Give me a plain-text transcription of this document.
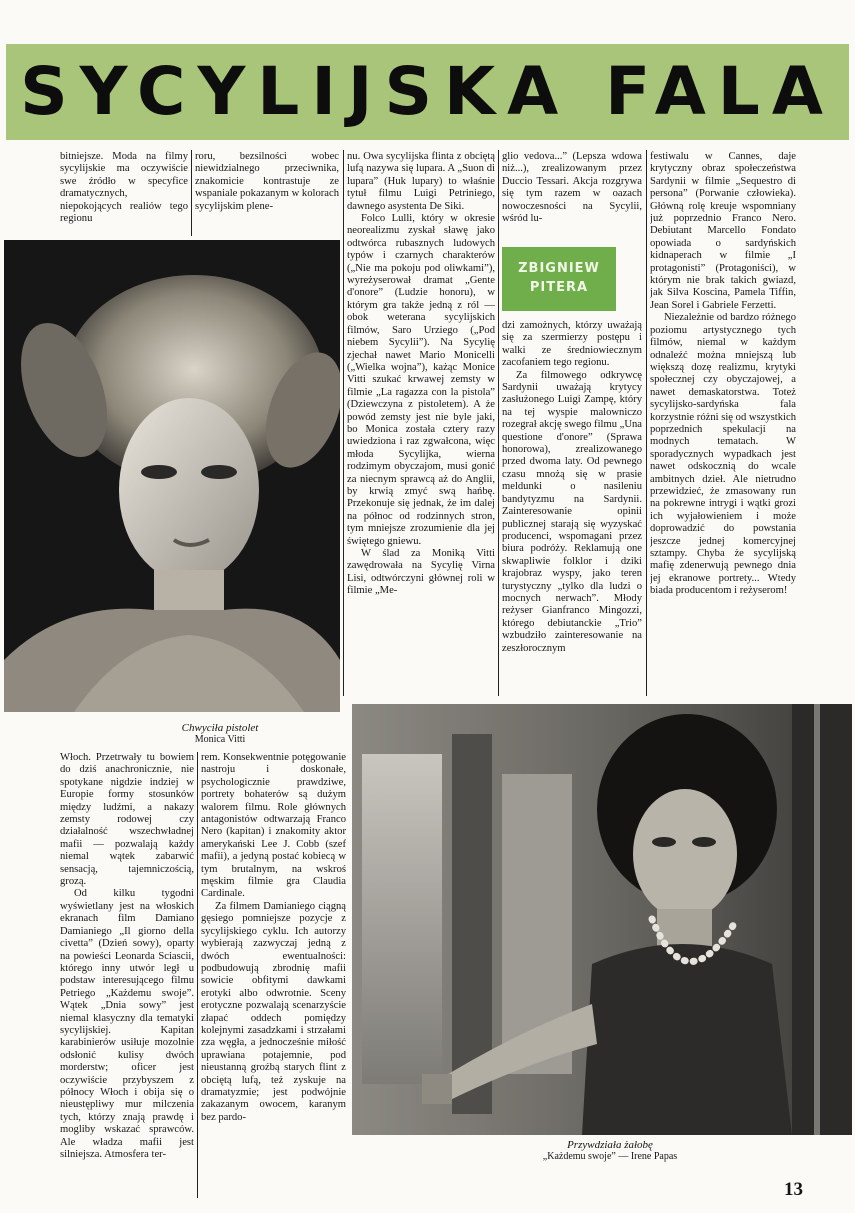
SYCYLIJSKA FALA

bitniejsze. Moda na filmy sycylijskie ma oczywiście swe źródło w specyfice dramatycznych, niepokojących realiów tego regionu

roru, bezsilności wobec niewidzialnego przeciwnika, znakomicie kontrastuje ze wspaniale pokazanym w kolorach sycylijskim plene-

Chwyciła pistolet
Monica Vitti

nu. Owa sycylijska flinta z obciętą lufą nazywa się lupara. A „Suon di lupara” (Huk lupary) to właśnie tytuł filmu Luigi Petriniego, dawnego asystenta De Siki.

Folco Lulli, który w okresie neorealizmu zyskał sławę jako odtwórca rubasznych ludowych typów i czarnych charakterów („Nie ma pokoju pod oliwkami”), wyreżyserował dramat „Gente d'onore” (Ludzie honoru), w którym gra także jedną z ról — obok weterana sycylijskich filmów, Saro Urziego („Pod niebem Sycylii”). Na Sycylię zjechał nawet Mario Monicelli („Wielka wojna”), każąc Monice Vitti szukać krwawej zemsty w filmie „La ragazza con la pistola” (Dziewczyna z pistoletem). A że powód zemsty jest nie byle jaki, bo Monica została cztery razy uwiedziona i raz zgwałcona, więc młoda Sycylijka, wierna rodzimym obyczajom, musi gonić za niecnym sprawcą aż do Anglii, by krwią zmyć swą hańbę. Przekonuje się jednak, że im dalej na północ od rodzinnych stron, tym mniejsze zrozumienie dla jej świętego gniewu.

W ślad za Moniką Vitti zawędrowała na Sycylię Virna Lisi, odtwórczyni głównej roli w filmie „Me-

glio vedova...” (Lepsza wdowa niż...), zrealizowanym przez Duccio Tessari. Akcja rozgrywa się tym razem w oazach nowoczesności na Sycylii, wśród lu-

ZBIGNIEW
PITERA

dzi zamożnych, którzy uważają się za szermierzy postępu i walki ze średniowiecznym zacofaniem tego regionu.

Za filmowego odkrywcę Sardynii uważają krytycy zasłużonego Luigi Zampę, który na tej wyspie malowniczo rozegrał akcję swego filmu „Una questione d'onore” (Sprawa honorowa), zrealizowanego przed dwoma laty. Od pewnego czasu mnożą się w prasie meldunki o nasileniu bandytyzmu na Sardynii. Zainteresowanie opinii publicznej starają się wyzyskać producenci, wspomagani przez biura podróży. Reklamują one skwapliwie folklor i dziki krajobraz wyspy, jako teren turystyczny „tylko dla ludzi o mocnych nerwach”. Młody reżyser Gianfranco Mingozzi, którego debiutanckie „Trio” wzbudziło zainteresowanie na zeszłorocznym

festiwalu w Cannes, daje krytyczny obraz społeczeństwa Sardynii w filmie „Sequestro di persona” (Porwanie człowieka). Główną rolę kreuje wspomniany już poprzednio Franco Nero. Debiutant Marcello Fondato opowiada o sardyńskich kidnaperach w filmie „I protagonisti” (Protagoniści), w którym nie brak takich gwiazd, jak Silva Koscina, Pamela Tiffin, Jean Sorel i Gabriele Ferzetti.

Niezależnie od bardzo różnego poziomu artystycznego tych filmów, niemal w każdym odnaleźć można mniejszą lub większą dozę realizmu, krytyki społecznej czy obyczajowej, a nawet demaskatorstwa. Toteż sycylijsko-sardyńska fala korzystnie różni się od wszystkich poprzednich spekulacji na modnych tematach. W sporadycznych wypadkach jest nawet odskocznią do wcale ambitnych dzieł. Ale nietrudno przewidzieć, że zmasowany run na pokrewne intrygi i wątki grozi ich wyjałowieniem i może doprowadzić do powstania jeszcze jednej komercyjnej sztampy. Chyba że sycylijską mafię zdenerwują pewnego dnia jej ekranowe portrety... Wtedy biada producentom i reżyserom!

Włoch. Przetrwały tu bowiem do dziś anachronicznie, nie spotykane nigdzie indziej w Europie formy stosunków między ludźmi, a nakazy zemsty rodowej czy działalność wszechwładnej mafii — pozwalają każdy niemal wątek zabarwić sensacją, tajemniczością, grozą.

Od kilku tygodni wyświetlany jest na włoskich ekranach film Damiano Damianiego „Il giorno della civetta” (Dzień sowy), oparty na powieści Leonarda Sciascii, którego inny utwór legł u podstaw interesującego filmu Petriego „Każdemu swoje”. Wątek „Dnia sowy” jest niemal klasyczny dla tematyki sycylijskiej. Kapitan karabinierów usiłuje mozolnie odsłonić kulisy dwóch morderstw; oficer jest oczywiście przybyszem z północy Włoch i obija się o nieustępliwy mur milczenia tych, którzy znają prawdę i mogliby wskazać sprawców. Ale władza mafii jest silniejsza. Atmosfera ter-

rem. Konsekwentnie potęgowanie nastroju i doskonałe, psychologicznie prawdziwe, portrety bohaterów są dużym walorem filmu. Role głównych antagonistów odtwarzają Franco Nero (kapitan) i znakomity aktor amerykański Lee J. Cobb (szef mafii), a jedyną postać kobiecą w tym brutalnym, na wskroś męskim filmie gra Claudia Cardinale.

Za filmem Damianiego ciągną gęsiego pomniejsze pozycje z sycylijskiego cyklu. Ich autorzy wybierają zazwyczaj jedną z dwóch ewentualności: podbudowują zbrodnię mafii sowicie obfitymi dawkami erotyki albo odwrotnie. Sceny erotyczne pozwalają scenarzyście złapać oddech pomiędzy kolejnymi zasadzkami i strzałami zza węgła, a jednocześnie miłość uprawiana potajemnie, pod nieustanną groźbą starych flint z obciętą lufą, też zyskuje na dramatyzmie; jest podwójnie zakazanym owocem, karanym bez pardo-

Przywdziała żałobę
„Każdemu swoje” — Irene Papas
13
